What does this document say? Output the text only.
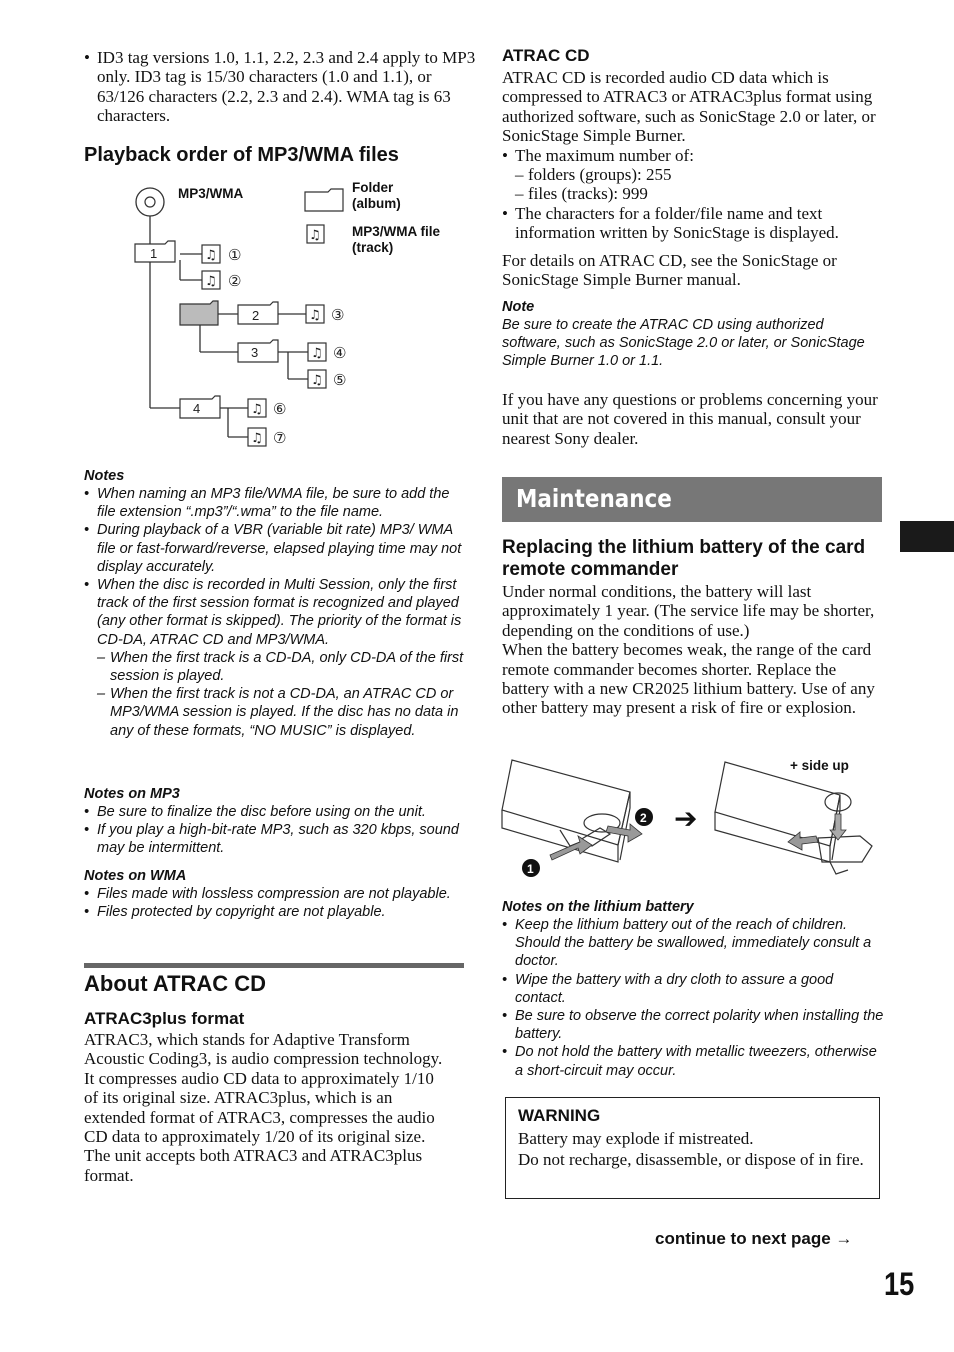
• ID3 tag versions 1.0, 1.1, 2.2, 2.3 and 2.4 apply to MP3 only. ID3 tag is 15/30 characters (1.0 and 1.1), or 63/126 characters (2.2, 2.3 and 2.4). WMA tag is 63 characters.
Playback order of MP3/WMA files
1
2
3
4
♫
♫
♫
♫
♫
♫
♫
①
②
③
④
⑤
⑥
⑦
♫
MP3/WMA	Folder (album)
MP3/WMA file (track)
Notes
• When naming an MP3 file/WMA file, be sure to add the file extension “.mp3”/“.wma” to the file name.
• During playback of a VBR (variable bit rate) MP3/ WMA file or fast-forward/reverse, elapsed playing time may not display accurately.
• When the disc is recorded in Multi Session, only the first track of the first session format is recognized and played (any other format is skipped). The priority of the format is CD-DA, ATRAC CD and MP3/WMA.
– When the first track is a CD-DA, only CD-DA of the first session is played.
– When the first track is not a CD-DA, an ATRAC CD or MP3/WMA session is played. If the disc has no data in any of these formats, “NO MUSIC” is displayed.
Notes on MP3
• Be sure to finalize the disc before using on the unit.
• If you play a high-bit-rate MP3, such as 320 kbps, sound may be intermittent.
Notes on WMA
• Files made with lossless compression are not playable.
• Files protected by copyright are not playable.
About ATRAC CD
ATRAC3plus format
ATRAC3, which stands for Adaptive Transform Acoustic Coding3, is audio compression technology. It compresses audio CD data to approximately 1/10 of its original size. ATRAC3plus, which is an extended format of ATRAC3, compresses the audio CD data to approximately 1/20 of its original size. The unit accepts both ATRAC3 and ATRAC3plus format.
ATRAC CD
ATRAC CD is recorded audio CD data which is compressed to ATRAC3 or ATRAC3plus format using authorized software, such as SonicStage 2.0 or later, or SonicStage Simple Burner.
• The maximum number of:
– folders (groups): 255
– files (tracks): 999
• The characters for a folder/file name and text information written by SonicStage is displayed.
For details on ATRAC CD, see the SonicStage or SonicStage Simple Burner manual.
Note
Be sure to create the ATRAC CD using authorized software, such as SonicStage 2.0 or later, or SonicStage Simple Burner 1.0 or 1.1.
If you have any questions or problems concerning your unit that are not covered in this manual, consult your nearest Sony dealer.
Maintenance
Replacing the lithium battery of the card remote commander
Under normal conditions, the battery will last approximately 1 year. (The service life may be shorter, depending on the conditions of use.)
When the battery becomes weak, the range of the card remote commander becomes shorter. Replace the battery with a new CR2025 lithium battery. Use of any other battery may present a risk of fire or explosion.
1
2 ➔
+ side up
Notes on the lithium battery
• Keep the lithium battery out of the reach of children. Should the battery be swallowed, immediately consult a doctor.
• Wipe the battery with a dry cloth to assure a good contact.
• Be sure to observe the correct polarity when installing the battery.
• Do not hold the battery with metallic tweezers, otherwise a short-circuit may occur.
WARNING
Battery may explode if mistreated.
Do not recharge, disassemble, or dispose of in fire.
continue to next page →
15
